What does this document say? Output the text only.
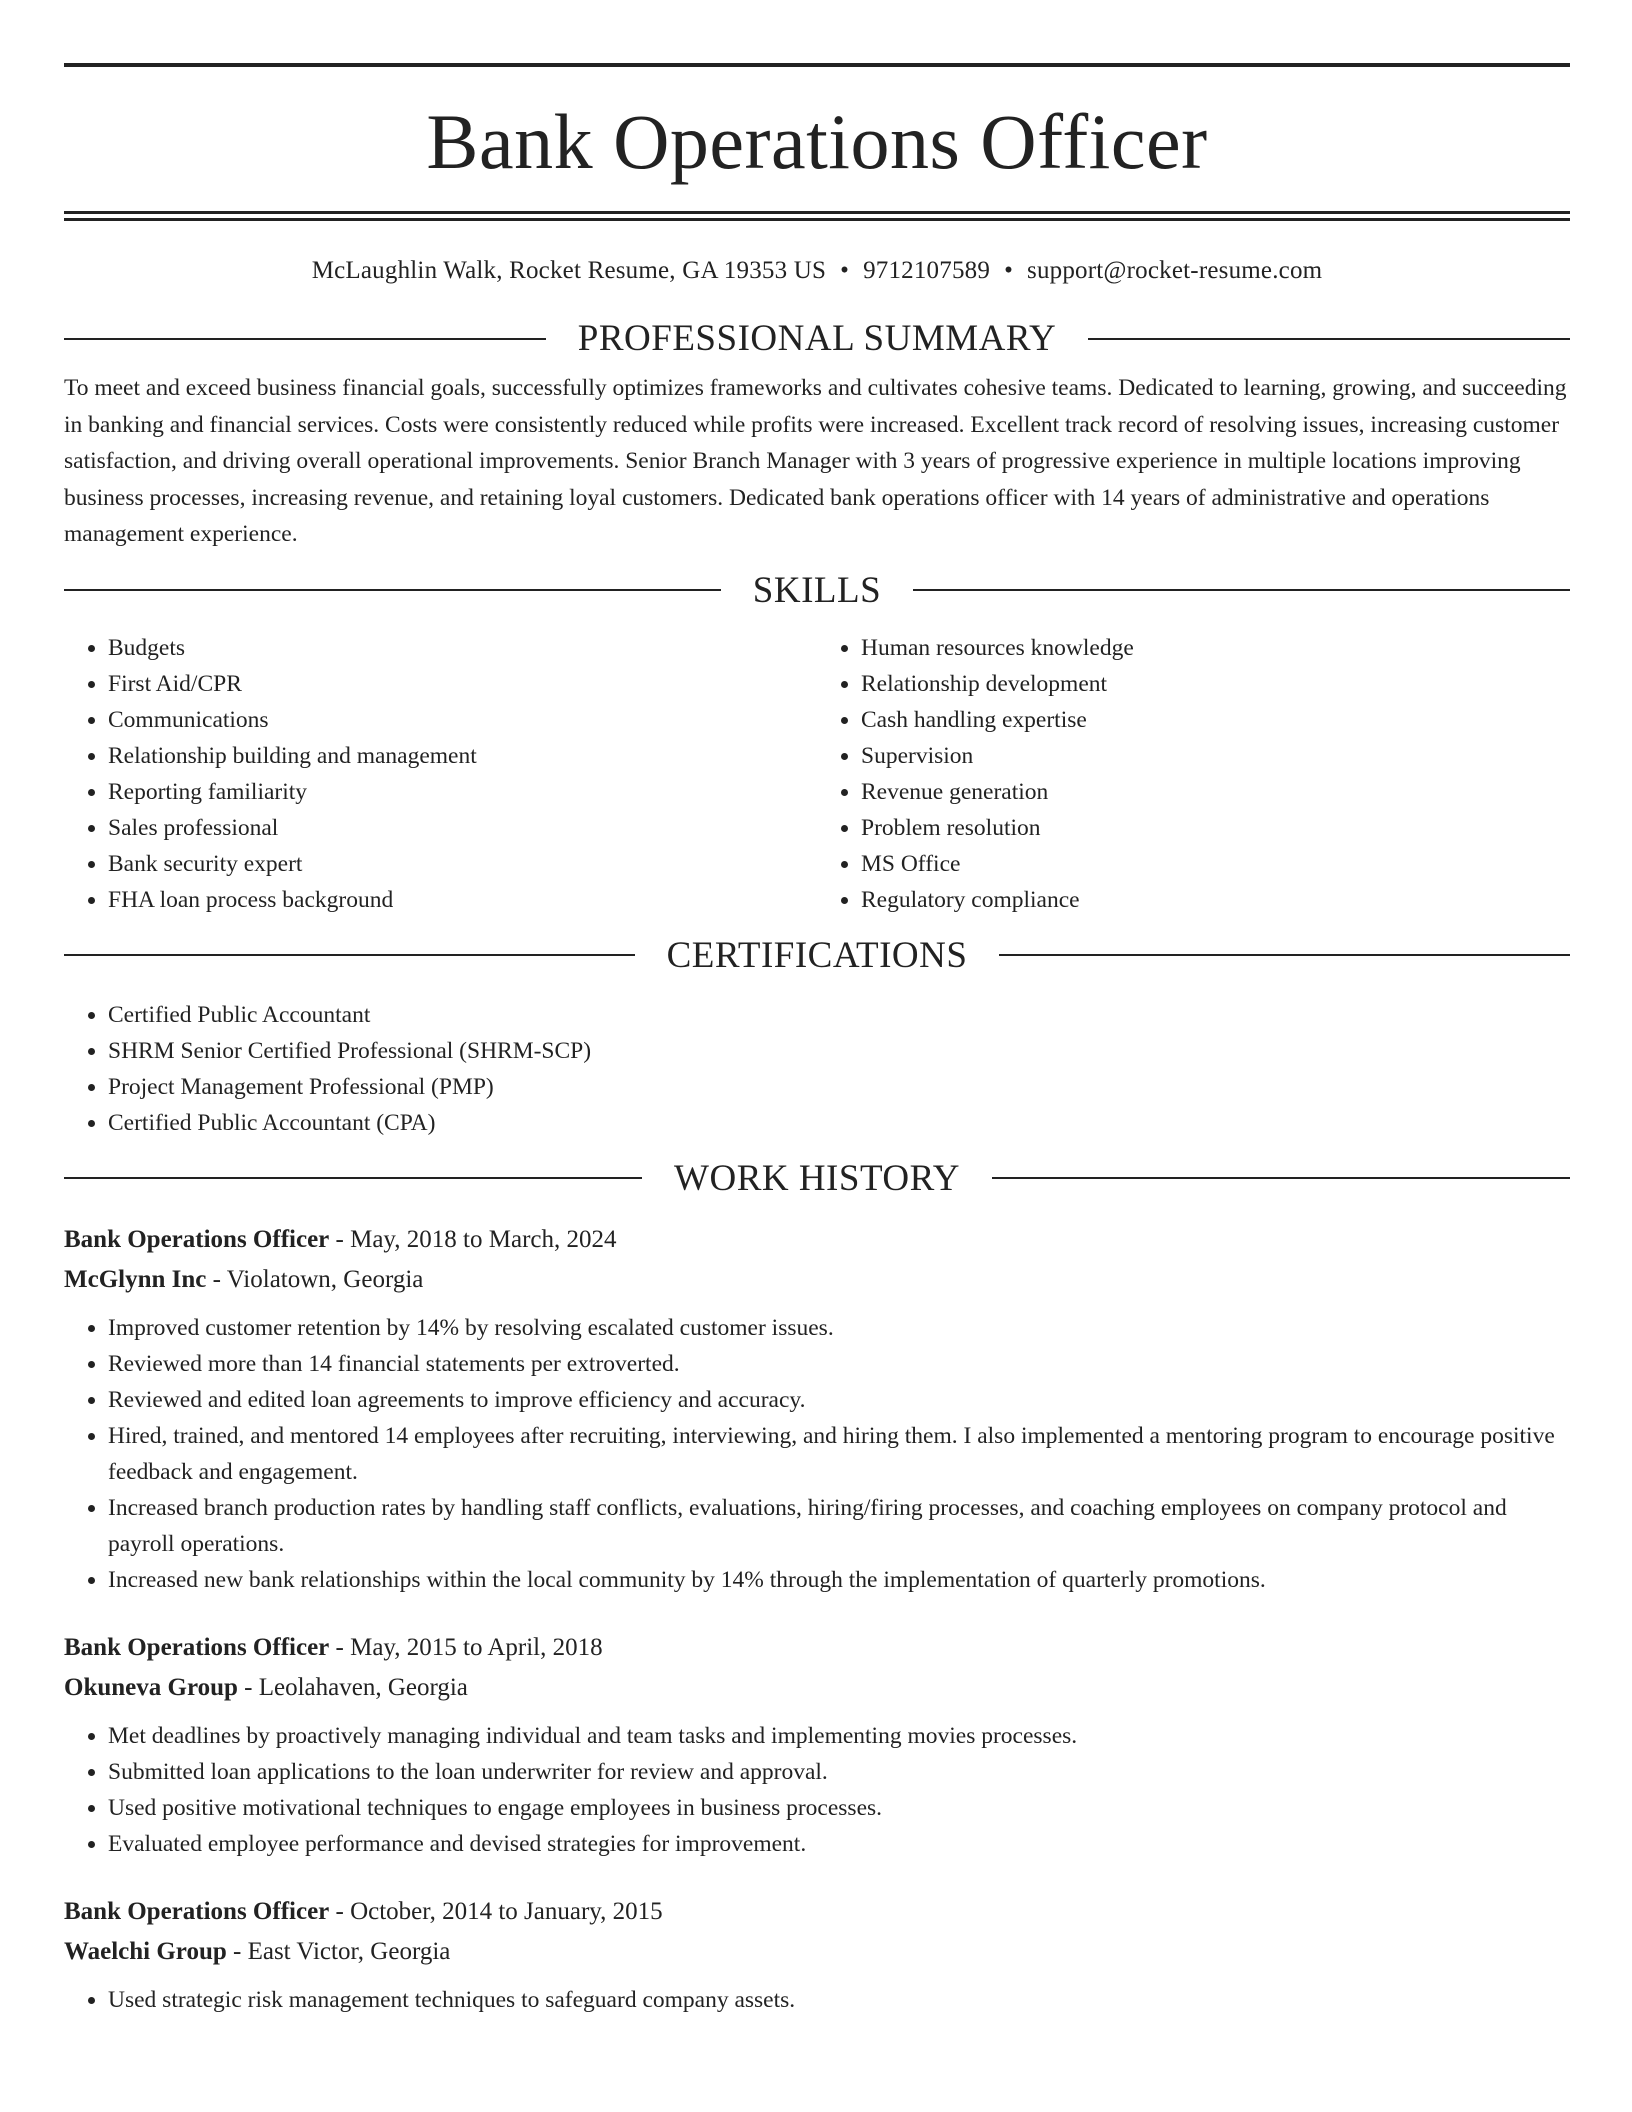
Bank Operations Officer
McLaughlin Walk, Rocket Resume, GA 19353 US • 9712107589 • support@rocket-resume.com
PROFESSIONAL SUMMARY

To meet and exceed business financial goals, successfully optimizes frameworks and cultivates cohesive teams. Dedicated to learning, growing, and succeeding in banking and financial services. Costs were consistently reduced while profits were increased. Excellent track record of resolving issues, increasing customer satisfaction, and driving overall operational improvements. Senior Branch Manager with 3 years of progressive experience in multiple locations improving business processes, increasing revenue, and retaining loyal customers. Dedicated bank operations officer with 14 years of administrative and operations management experience.

SKILLS
• Budgets
• First Aid/CPR
• Communications
• Relationship building and management
• Reporting familiarity
• Sales professional
• Bank security expert
• FHA loan process background
• Human resources knowledge
• Relationship development
• Cash handling expertise
• Supervision
• Revenue generation
• Problem resolution
• MS Office
• Regulatory compliance
CERTIFICATIONS
• Certified Public Accountant
• SHRM Senior Certified Professional (SHRM-SCP)
• Project Management Professional (PMP)
• Certified Public Accountant (CPA)
WORK HISTORY
Bank Operations Officer - May, 2018 to March, 2024
McGlynn Inc - Violatown, Georgia
• Improved customer retention by 14% by resolving escalated customer issues.
• Reviewed more than 14 financial statements per extroverted.
• Reviewed and edited loan agreements to improve efficiency and accuracy.
• Hired, trained, and mentored 14 employees after recruiting, interviewing, and hiring them. I also implemented a mentoring program to encourage positive feedback and engagement.
• Increased branch production rates by handling staff conflicts, evaluations, hiring/firing processes, and coaching employees on company protocol and payroll operations.
• Increased new bank relationships within the local community by 14% through the implementation of quarterly promotions.
Bank Operations Officer - May, 2015 to April, 2018
Okuneva Group - Leolahaven, Georgia
• Met deadlines by proactively managing individual and team tasks and implementing movies processes.
• Submitted loan applications to the loan underwriter for review and approval.
• Used positive motivational techniques to engage employees in business processes.
• Evaluated employee performance and devised strategies for improvement.
Bank Operations Officer - October, 2014 to January, 2015
Waelchi Group - East Victor, Georgia
• Used strategic risk management techniques to safeguard company assets.
